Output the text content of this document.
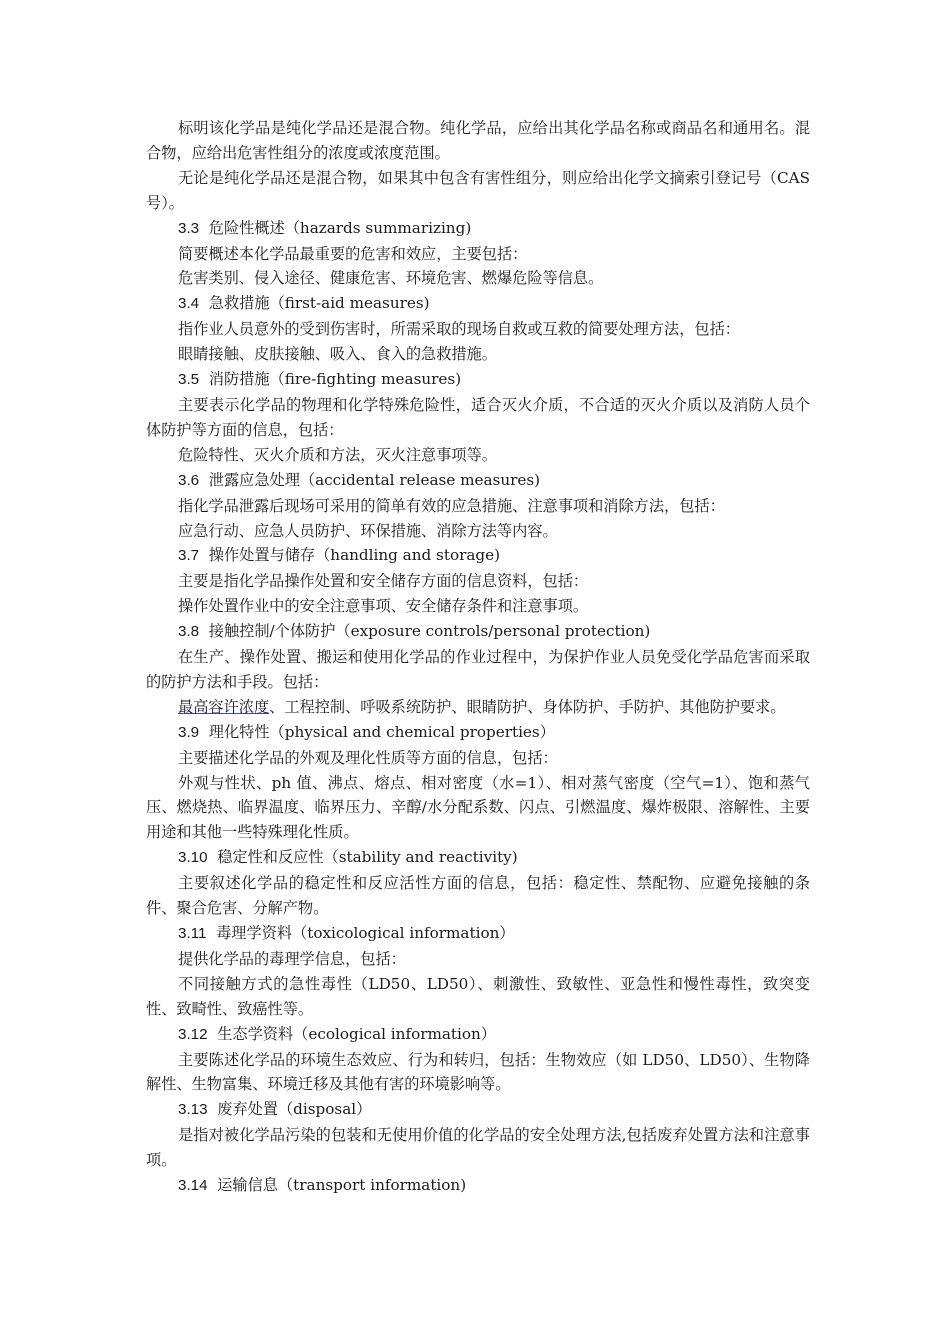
标明该化学品是纯化学品还是混合物。纯化学品，应给出其化学品名称或商品名和通用名。混合物，应给出危害性组分的浓度或浓度范围。

无论是纯化学品还是混合物，如果其中包含有害性组分，则应给出化学文摘索引登记号（CAS 号）。

3.3 危险性概述（hazards summarizing)

简要概述本化学品最重要的危害和效应，主要包括：

危害类别、侵入途径、健康危害、环境危害、燃爆危险等信息。

3.4 急救措施（first-aid measures)

指作业人员意外的受到伤害时，所需采取的现场自救或互救的简要处理方法，包括：

眼睛接触、皮肤接触、吸入、食入的急救措施。

3.5 消防措施（fire-fighting measures)

主要表示化学品的物理和化学特殊危险性，适合灭火介质，不合适的灭火介质以及消防人员个体防护等方面的信息，包括：

危险特性、灭火介质和方法，灭火注意事项等。

3.6 泄露应急处理（accidental release measures)

指化学品泄露后现场可采用的简单有效的应急措施、注意事项和消除方法，包括：

应急行动、应急人员防护、环保措施、消除方法等内容。

3.7 操作处置与储存（handling and storage)

主要是指化学品操作处置和安全储存方面的信息资料，包括：

操作处置作业中的安全注意事项、安全储存条件和注意事项。

3.8 接触控制/个体防护（exposure controls/personal protection)

在生产、操作处置、搬运和使用化学品的作业过程中，为保护作业人员免受化学品危害而采取的防护方法和手段。包括：

最高容许浓度、工程控制、呼吸系统防护、眼睛防护、身体防护、手防护、其他防护要求。

3.9 理化特性（physical and chemical properties）

主要描述化学品的外观及理化性质等方面的信息，包括：

外观与性状、ph 值、沸点、熔点、相对密度（水=1）、相对蒸气密度（空气=1）、饱和蒸气压、燃烧热、临界温度、临界压力、辛醇/水分配系数、闪点、引燃温度、爆炸极限、溶解性、主要用途和其他一些特殊理化性质。

3.10 稳定性和反应性（stability and reactivity)

主要叙述化学品的稳定性和反应活性方面的信息，包括：稳定性、禁配物、应避免接触的条件、聚合危害、分解产物。

3.11 毒理学资料（toxicological information）

提供化学品的毒理学信息，包括：

不同接触方式的急性毒性（LD50、LD50）、刺激性、致敏性、亚急性和慢性毒性，致突变性、致畸性、致癌性等。

3.12 生态学资料（ecological information）

主要陈述化学品的环境生态效应、行为和转归，包括：生物效应（如 LD50、LD50）、生物降解性、生物富集、环境迁移及其他有害的环境影响等。

3.13 废弃处置（disposal）

是指对被化学品污染的包装和无使用价值的化学品的安全处理方法,包括废弃处置方法和注意事项。

3.14 运输信息（transport information)
